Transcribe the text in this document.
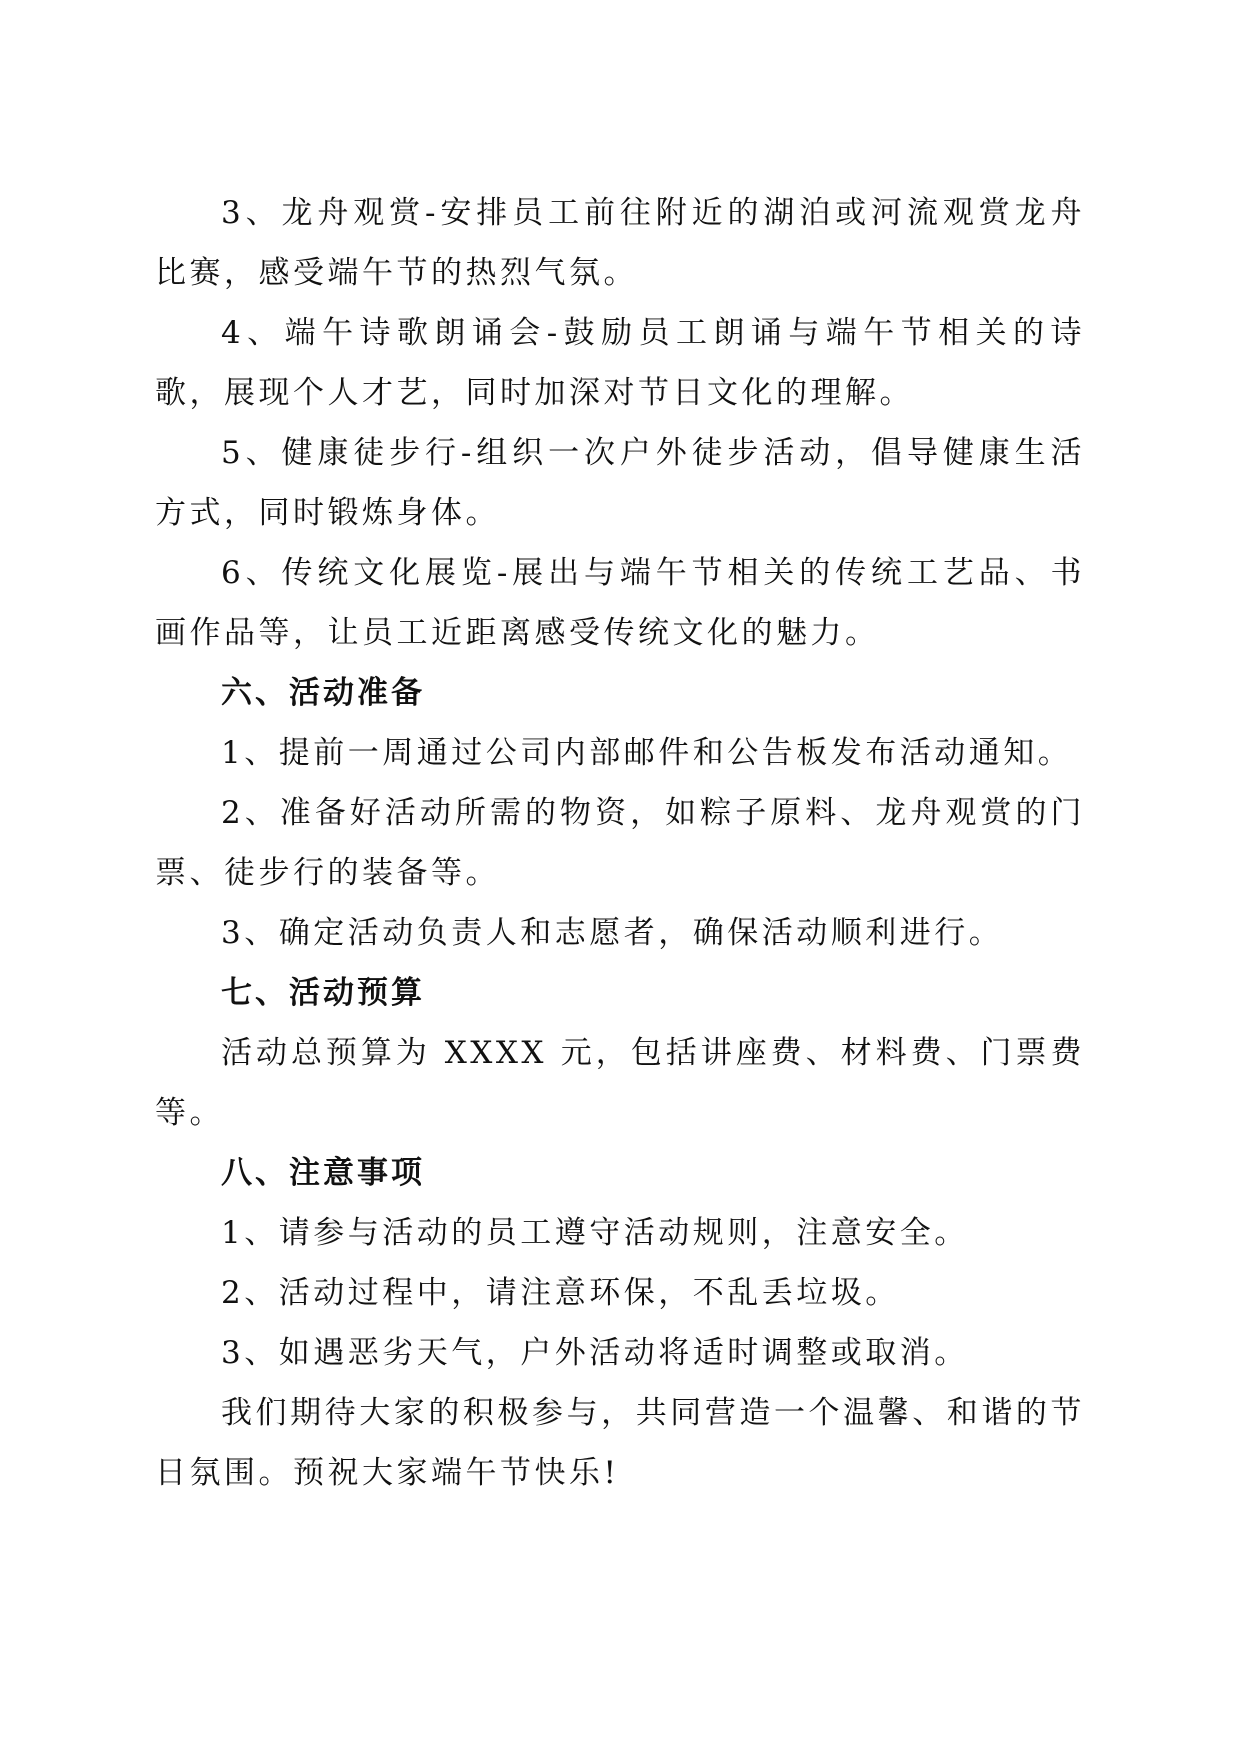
3、龙舟观赏-安排员工前往附近的湖泊或河流观赏龙舟比赛，感受端午节的热烈气氛。

4、端午诗歌朗诵会-鼓励员工朗诵与端午节相关的诗歌，展现个人才艺，同时加深对节日文化的理解。

5、健康徒步行-组织一次户外徒步活动，倡导健康生活方式，同时锻炼身体。

6、传统文化展览-展出与端午节相关的传统工艺品、书画作品等，让员工近距离感受传统文化的魅力。

六、活动准备

1、提前一周通过公司内部邮件和公告板发布活动通知。

2、准备好活动所需的物资，如粽子原料、龙舟观赏的门票、徒步行的装备等。

3、确定活动负责人和志愿者，确保活动顺利进行。

七、活动预算

活动总预算为 XXXX 元，包括讲座费、材料费、门票费等。

八、注意事项

1、请参与活动的员工遵守活动规则，注意安全。

2、活动过程中，请注意环保，不乱丢垃圾。

3、如遇恶劣天气，户外活动将适时调整或取消。

我们期待大家的积极参与，共同营造一个温馨、和谐的节日氛围。预祝大家端午节快乐!
